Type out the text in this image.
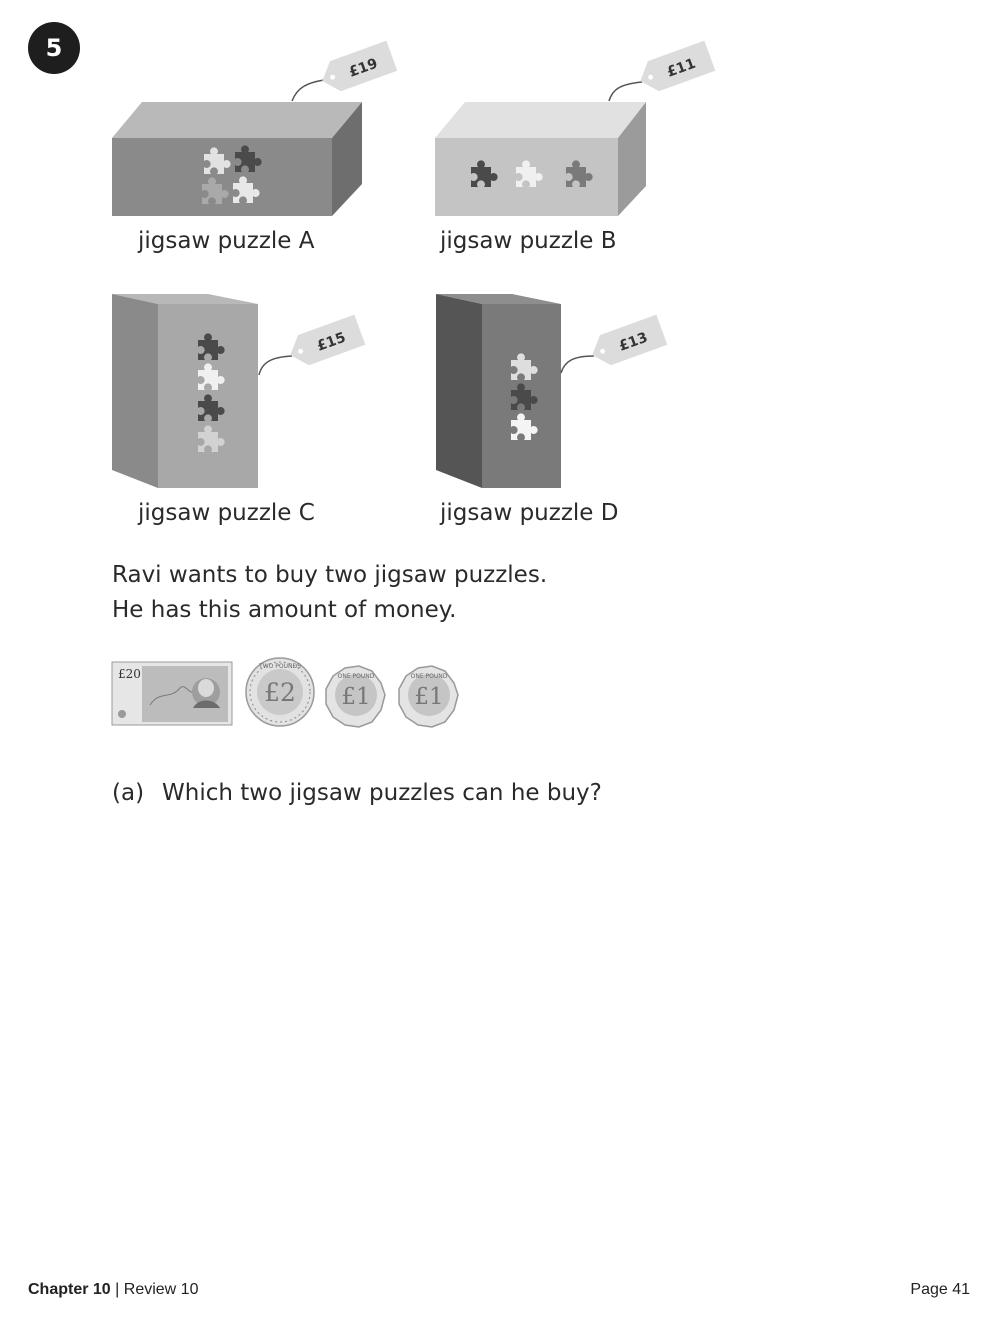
5
£19	£11
£15	£13
£20
TWO POUNDS
£2
ONE POUND
£1
ONE POUND
£1
jigsaw puzzle A	jigsaw puzzle B
jigsaw puzzle C	jigsaw puzzle D
Ravi wants to buy two jigsaw puzzles.
He has this amount of money.
(a) Which two jigsaw puzzles can he buy?
Chapter 10 | Review 10	Page 41
